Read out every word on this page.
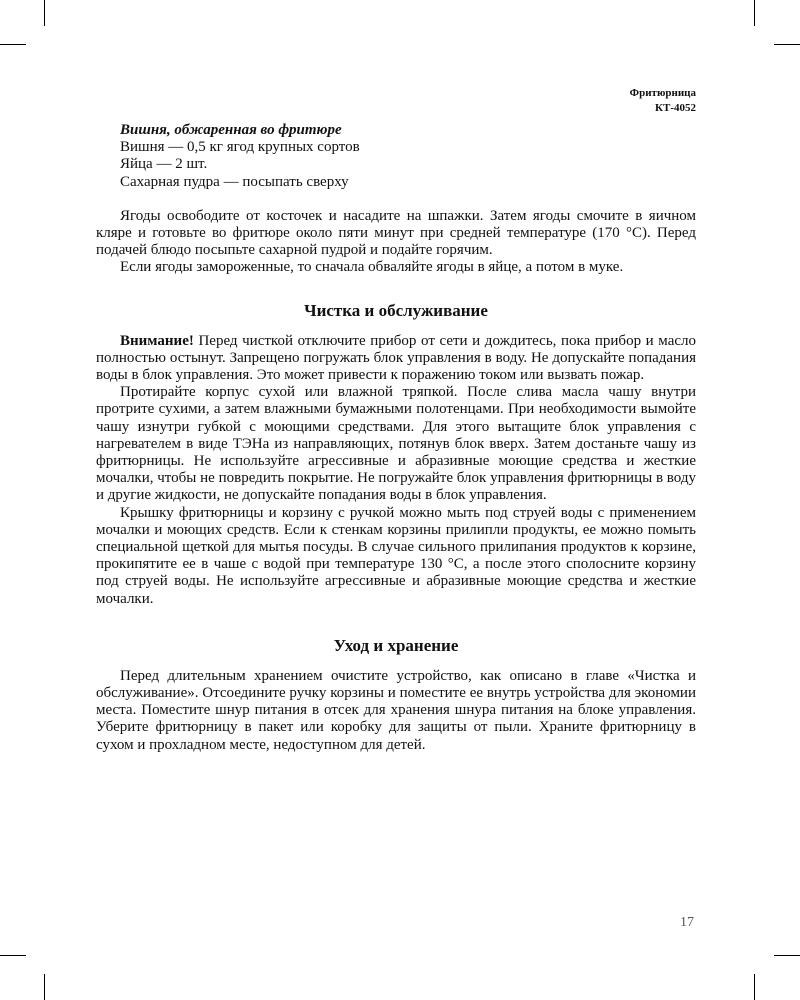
Фритюрница
КТ-4052
Вишня, обжаренная во фритюре
Вишня — 0,5 кг ягод крупных сортов
Яйца — 2 шт.
Сахарная пудра — посыпать сверху

Ягоды освободите от косточек и насадите на шпажки. Затем ягоды смочите в яичном кляре и готовьте во фритюре около пяти минут при средней температуре (170 °С). Перед подачей блюдо посыпьте сахарной пудрой и подайте горячим.

Если ягоды замороженные, то сначала обваляйте ягоды в яйце, а потом в муке.

Чистка и обслуживание

Внимание! Перед чисткой отключите прибор от сети и дождитесь, пока прибор и масло полностью остынут. Запрещено погружать блок управления в воду. Не допускайте попадания воды в блок управления. Это может привести к поражению током или вызвать пожар.

Протирайте корпус сухой или влажной тряпкой. После слива масла чашу внутри протрите сухими, а затем влажными бумажными полотенцами. При необходимости вымойте чашу изнутри губкой с моющими средствами. Для этого вытащите блок управления с нагревателем в виде ТЭНа из направляющих, потянув блок вверх. Затем достаньте чашу из фритюрницы. Не используйте агрессивные и абразивные моющие средства и жесткие мочалки, чтобы не повредить покрытие. Не погружайте блок управления фритюрницы в воду и другие жидкости, не допускайте попадания воды в блок управления.

Крышку фритюрницы и корзину с ручкой можно мыть под струей воды с применением мочалки и моющих средств. Если к стенкам корзины прилипли продукты, ее можно помыть специальной щеткой для мытья посуды. В случае сильного прилипания продуктов к корзине, прокипятите ее в чаше с водой при температуре 130 °С, а после этого сполосните корзину под струей воды. Не используйте агрессивные и абразивные моющие средства и жесткие мочалки.

Уход и хранение

Перед длительным хранением очистите устройство, как описано в главе «Чистка и обслуживание». Отсоедините ручку корзины и поместите ее внутрь устройства для экономии места. Поместите шнур питания в отсек для хранения шнура питания на блоке управления. Уберите фритюрницу в пакет или коробку для защиты от пыли. Храните фритюрницу в сухом и прохладном месте, недоступном для детей.

17
